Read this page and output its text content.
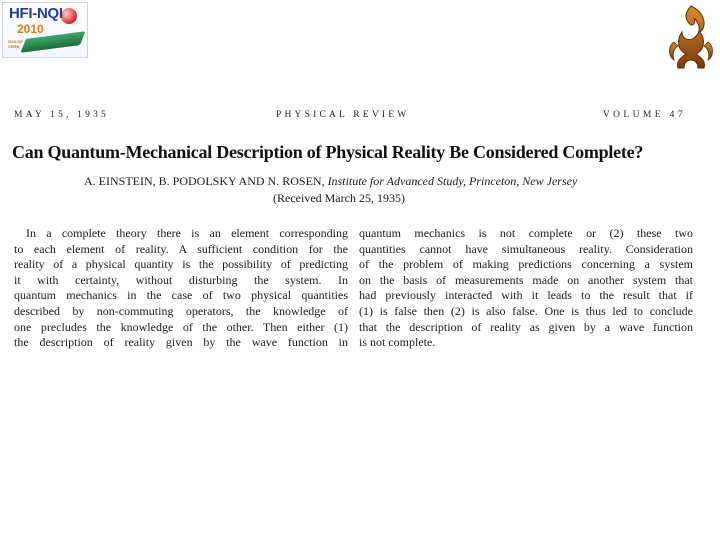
HFI-NQI
2010
ISOLDE
CERN
MAY 15, 1935	PHYSICAL REVIEW	VOLUME 47
Can Quantum-Mechanical Description of Physical Reality Be Considered Complete?
A. EINSTEIN, B. PODOLSKY AND N. ROSEN, Institute for Advanced Study, Princeton, New Jersey
(Received March 25, 1935)
In a complete theory there is an element corresponding
to each element of reality. A sufficient condition for the
reality of a physical quantity is the possibility of predicting
it with certainty, without disturbing the system. In
quantum mechanics in the case of two physical quantities
described by non-commuting operators, the knowledge of
one precludes the knowledge of the other. Then either (1)
the description of reality given by the wave function in
quantum mechanics is not complete or (2) these two
quantities cannot have simultaneous reality. Consideration
of the problem of making predictions concerning a system
on the basis of measurements made on another system that
had previously interacted with it leads to the result that if
(1) is false then (2) is also false. One is thus led to conclude
that the description of reality as given by a wave function
is not complete.
